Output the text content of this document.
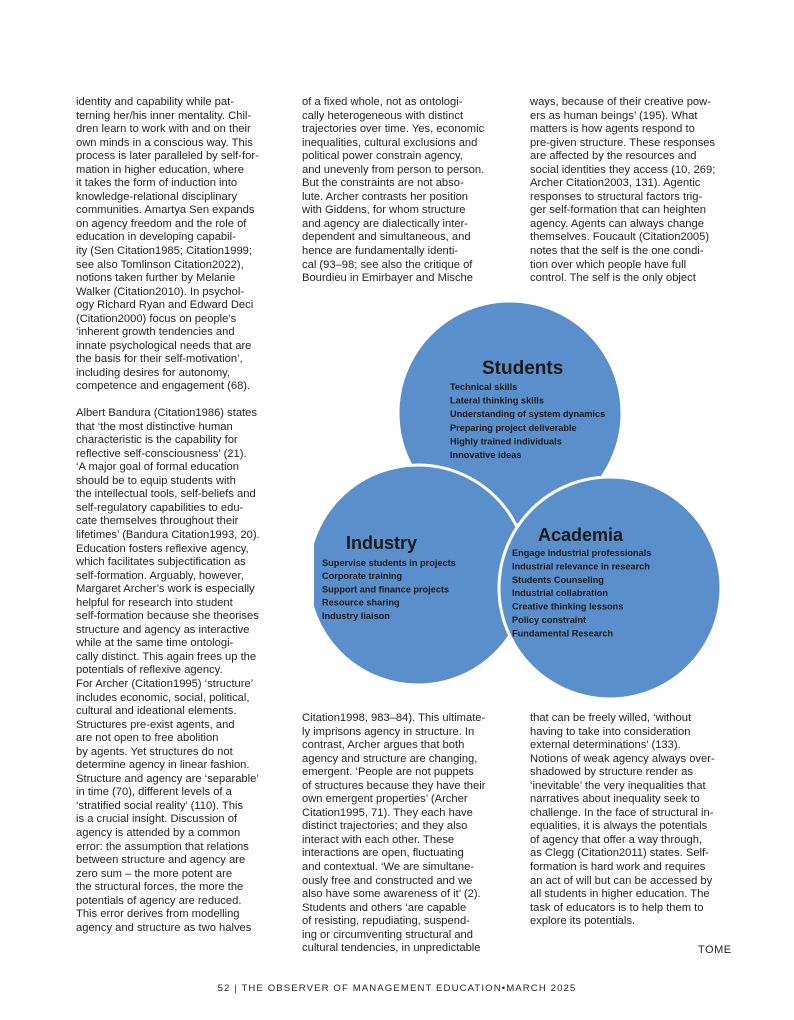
identity and capability while pat-
terning her/his inner mentality. Chil-
dren learn to work with and on their
own minds in a conscious way. This
process is later paralleled by self-for-
mation in higher education, where
it takes the form of induction into
knowledge-relational disciplinary
communities. Amartya Sen expands
on agency freedom and the role of
education in developing capabil-
ity (Sen Citation1985; Citation1999;
see also Tomlinson Citation2022),
notions taken further by Melanie
Walker (Citation2010). In psychol-
ogy Richard Ryan and Edward Deci
(Citation2000) focus on people’s
‘inherent growth tendencies and
innate psychological needs that are
the basis for their self-motivation’,
including desires for autonomy,
competence and engagement (68).

Albert Bandura (Citation1986) states
that ‘the most distinctive human
characteristic is the capability for
reflective self-consciousness’ (21).
‘A major goal of formal education
should be to equip students with
the intellectual tools, self-beliefs and
self-regulatory capabilities to edu-
cate themselves throughout their
lifetimes’ (Bandura Citation1993, 20).
Education fosters reflexive agency,
which facilitates subjectification as
self-formation. Arguably, however,
Margaret Archer’s work is especially
helpful for research into student
self-formation because she theorises
structure and agency as interactive
while at the same time ontologi-
cally distinct. This again frees up the
potentials of reflexive agency.
For Archer (Citation1995) ‘structure’
includes economic, social, political,
cultural and ideational elements.
Structures pre-exist agents, and
are not open to free abolition
by agents. Yet structures do not
determine agency in linear fashion.
Structure and agency are ‘separable’
in time (70), different levels of a
‘stratified social reality’ (110). This
is a crucial insight. Discussion of
agency is attended by a common
error: the assumption that relations
between structure and agency are
zero sum – the more potent are
the structural forces, the more the
potentials of agency are reduced.
This error derives from modelling
agency and structure as two halves

of a fixed whole, not as ontologi-
cally heterogeneous with distinct
trajectories over time. Yes, economic
inequalities, cultural exclusions and
political power constrain agency,
and unevenly from person to person.
But the constraints are not abso-
lute. Archer contrasts her position
with Giddens, for whom structure
and agency are dialectically inter-
dependent and simultaneous, and
hence are fundamentally identi-
cal (93–98; see also the critique of
Bourdieu in Emirbayer and Mische

ways, because of their creative pow-
ers as human beings’ (195). What
matters is how agents respond to
pre-given structure. These responses
are affected by the resources and
social identities they access (10, 269;
Archer Citation2003, 131). Agentic
responses to structural factors trig-
ger self-formation that can heighten
agency. Agents can always change
themselves. Foucault (Citation2005)
notes that the self is the one condi-
tion over which people have full
control. The self is the only object

Students
Technical skills
Lateral thinking skills
Understanding of system dynamics
Preparing project deliverable
Highly trained individuals
Innovative ideas
Industry
Supervise students in projects
Corporate training
Support and finance projects
Resource sharing
Industry liaison
Academia
Engage industrial professionals
Industrial relevance in research
Students Counseling
Industrial collabration
Creative thinking lessons
Policy constraint
Fundamental Research

Citation1998, 983–84). This ultimate-
ly imprisons agency in structure. In
contrast, Archer argues that both
agency and structure are changing,
emergent. ‘People are not puppets
of structures because they have their
own emergent properties’ (Archer
Citation1995, 71). They each have
distinct trajectories; and they also
interact with each other. These
interactions are open, fluctuating
and contextual. ‘We are simultane-
ously free and constructed and we
also have some awareness of it’ (2).
Students and others ‘are capable
of resisting, repudiating, suspend-
ing or circumventing structural and
cultural tendencies, in unpredictable

that can be freely willed, ‘without
having to take into consideration
external determinations’ (133).
Notions of weak agency always over-
shadowed by structure render as
‘inevitable’ the very inequalities that
narratives about inequality seek to
challenge. In the face of structural in-
equalities, it is always the potentials
of agency that offer a way through,
as Clegg (Citation2011) states. Self-
formation is hard work and requires
an act of will but can be accessed by
all students in higher education. The
task of educators is to help them to
explore its potentials.

TOME
52 | THE OBSERVER OF MANAGEMENT EDUCATION•MARCH 2025
